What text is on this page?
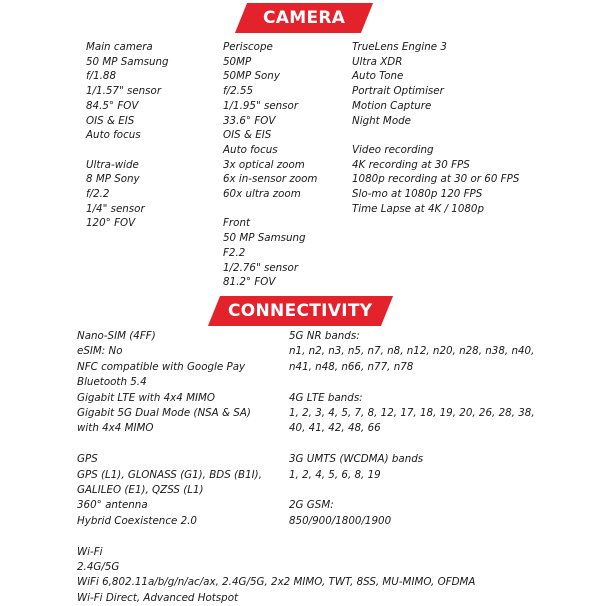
CAMERA
CONNECTIVITY
Main camera
50 MP Samsung
f/1.88
1/1.57" sensor
84.5° FOV
OIS & EIS
Auto focus
Ultra-wide
8 MP Sony
f/2.2
1/4" sensor
120° FOV
Periscope
50MP
50MP Sony
f/2.55
1/1.95" sensor
33.6° FOV
OIS & EIS
Auto focus
3x optical zoom
6x in-sensor zoom
60x ultra zoom
Front
50 MP Samsung
F2.2
1/2.76" sensor
81.2° FOV
TrueLens Engine 3
Ultra XDR
Auto Tone
Portrait Optimiser
Motion Capture
Night Mode
Video recording
4K recording at 30 FPS
1080p recording at 30 or 60 FPS
Slo-mo at 1080p 120 FPS
Time Lapse at 4K / 1080p
Nano-SIM (4FF)
eSIM: No
NFC compatible with Google Pay
Bluetooth 5.4
Gigabit LTE with 4x4 MIMO
Gigabit 5G Dual Mode (NSA & SA)
with 4x4 MIMO
GPS
GPS (L1), GLONASS (G1), BDS (B1I),
GALILEO (E1), QZSS (L1)
360° antenna
Hybrid Coexistence 2.0
Wi-Fi
2.4G/5G
WiFi 6,802.11a/b/g/n/ac/ax, 2.4G/5G, 2x2 MIMO, TWT, 8SS, MU-MIMO, OFDMA
Wi-Fi Direct, Advanced Hotspot
5G NR bands:
n1, n2, n3, n5, n7, n8, n12, n20, n28, n38, n40,
n41, n48, n66, n77, n78
4G LTE bands:
1, 2, 3, 4, 5, 7, 8, 12, 17, 18, 19, 20, 26, 28, 38,
40, 41, 42, 48, 66
3G UMTS (WCDMA) bands
1, 2, 4, 5, 6, 8, 19
2G GSM:
850/900/1800/1900
